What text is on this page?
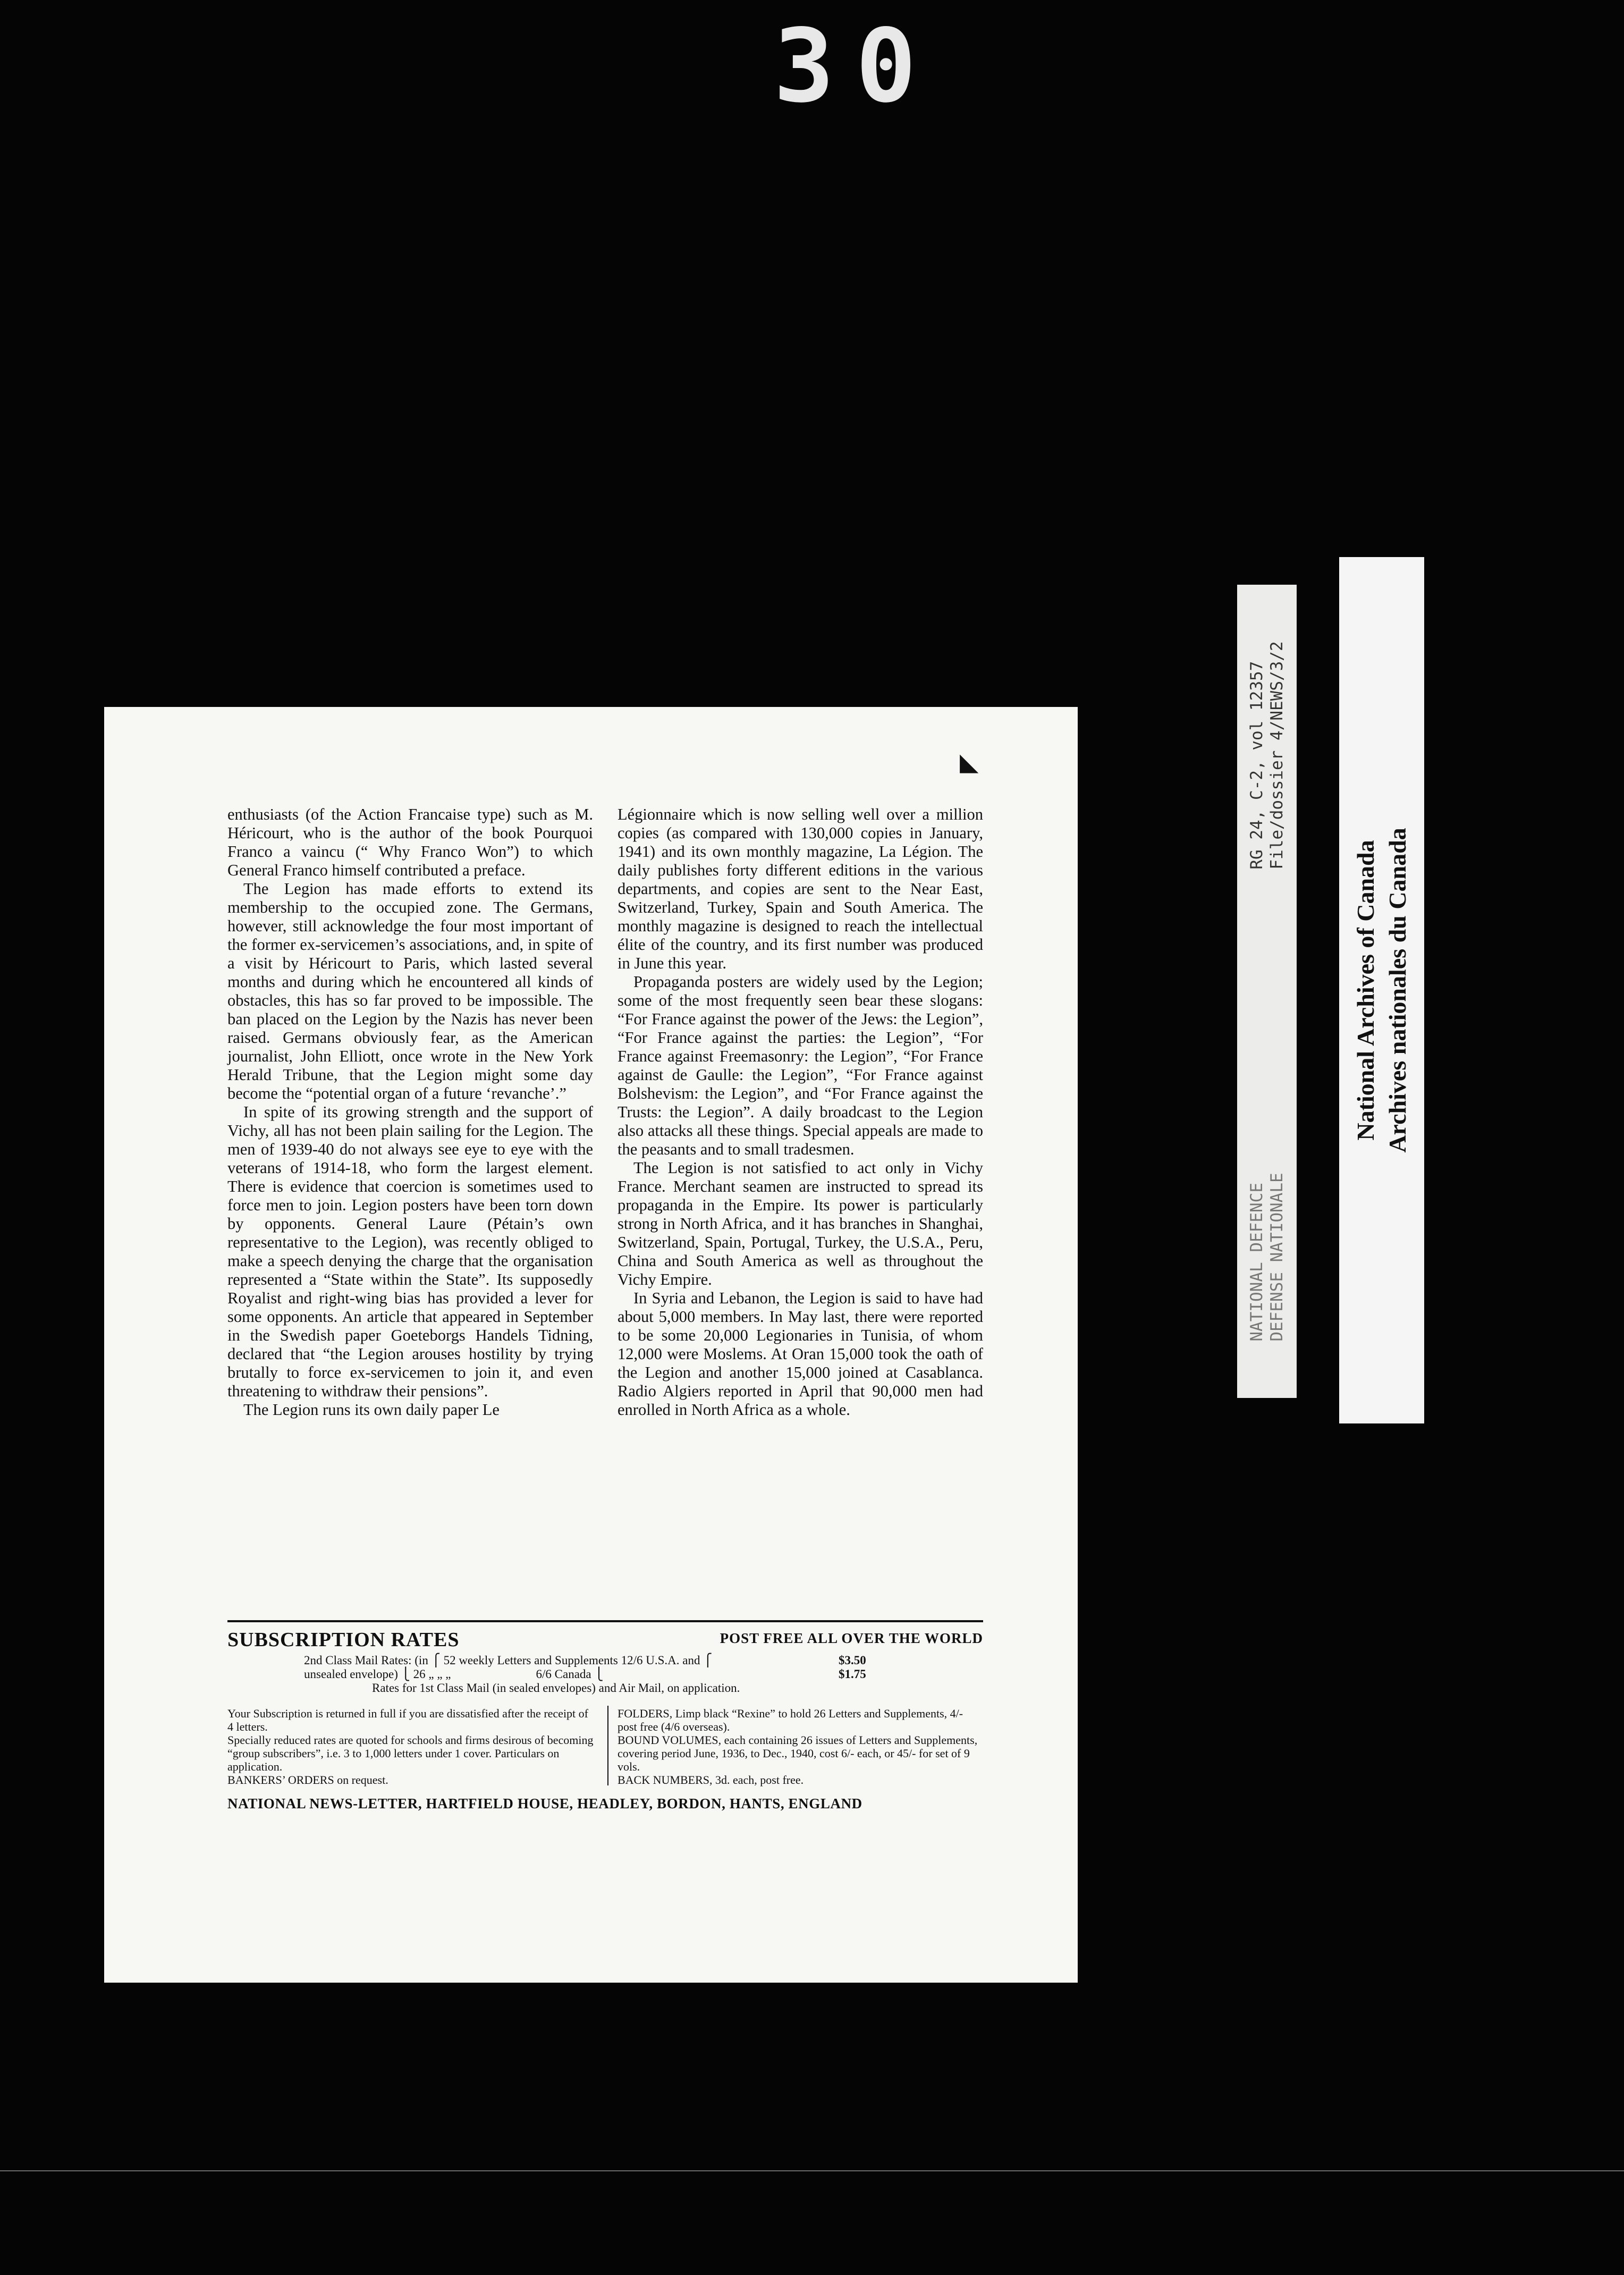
30
◣

enthusiasts (of the Action Francaise type) such as M. Héricourt, who is the author of the book Pourquoi Franco a vaincu (“ Why Franco Won”) to which General Franco himself contributed a preface.

The Legion has made efforts to extend its membership to the occupied zone. The Germans, however, still acknowledge the four most important of the former ex-servicemen’s associations, and, in spite of a visit by Héricourt to Paris, which lasted several months and during which he encountered all kinds of obstacles, this has so far proved to be impossible. The ban placed on the Legion by the Nazis has never been raised. Germans obviously fear, as the American journalist, John Elliott, once wrote in the New York Herald Tribune, that the Legion might some day become the “potential organ of a future ‘revanche’.”

In spite of its growing strength and the support of Vichy, all has not been plain sailing for the Legion. The men of 1939-40 do not always see eye to eye with the veterans of 1914-18, who form the largest element. There is evidence that coercion is sometimes used to force men to join. Legion posters have been torn down by opponents. General Laure (Pétain’s own representative to the Legion), was recently obliged to make a speech denying the charge that the organisation represented a “State within the State”. Its supposedly Royalist and right-wing bias has provided a lever for some opponents. An article that appeared in September in the Swedish paper Goeteborgs Handels Tidning, declared that “the Legion arouses hostility by trying brutally to force ex-servicemen to join it, and even threatening to withdraw their pensions”.

The Legion runs its own daily paper Le

Légionnaire which is now selling well over a million copies (as compared with 130,000 copies in January, 1941) and its own monthly magazine, La Légion. The daily publishes forty different editions in the various departments, and copies are sent to the Near East, Switzerland, Turkey, Spain and South America. The monthly magazine is designed to reach the intellectual élite of the country, and its first number was produced in June this year.

Propaganda posters are widely used by the Legion; some of the most frequently seen bear these slogans: “For France against the power of the Jews: the Legion”, “For France against the parties: the Legion”, “For France against Freemasonry: the Legion”, “For France against de Gaulle: the Legion”, “For France against Bolshevism: the Legion”, and “For France against the Trusts: the Legion”. A daily broadcast to the Legion also attacks all these things. Special appeals are made to the peasants and to small tradesmen.

The Legion is not satisfied to act only in Vichy France. Merchant seamen are instructed to spread its propaganda in the Empire. Its power is particularly strong in North Africa, and it has branches in Shanghai, Switzerland, Spain, Portugal, Turkey, the U.S.A., Peru, China and South America as well as throughout the Vichy Empire.

In Syria and Lebanon, the Legion is said to have had about 5,000 members. In May last, there were reported to be some 20,000 Legionaries in Tunisia, of whom 12,000 were Moslems. At Oran 15,000 took the oath of the Legion and another 15,000 joined at Casablanca. Radio Algiers reported in April that 90,000 men had enrolled in North Africa as a whole.

SUBSCRIPTION RATES	POST FREE ALL OVER THE WORLD
2nd Class Mail Rates: (in ⎧ 52 weekly Letters and Supplements 12/6 U.S.A. and ⎧
unsealed envelope) ⎩ 26 „ „ „	6/6 Canada ⎩
$3.50
$1.75
Rates for 1st Class Mail (in sealed envelopes) and Air Mail, on application.

Your Subscription is returned in full if you are dissatisfied after the receipt of 4 letters.

Specially reduced rates are quoted for schools and firms desirous of becoming “group subscribers”, i.e. 3 to 1,000 letters under 1 cover. Particulars on application.

BANKERS’ ORDERS on request.

FOLDERS, Limp black “Rexine” to hold 26 Letters and Supplements, 4/- post free (4/6 overseas).

BOUND VOLUMES, each containing 26 issues of Letters and Supplements, covering period June, 1936, to Dec., 1940, cost 6/- each, or 45/- for set of 9 vols.

BACK NUMBERS, 3d. each, post free.

NATIONAL NEWS-LETTER, HARTFIELD HOUSE, HEADLEY, BORDON, HANTS, ENGLAND
RG 24, C-2, vol 12357 File/dossier 4/NEWS/3/2
NATIONAL DEFENCE DEFENSE NATIONALE
National Archives of Canada Archives nationales du Canada
